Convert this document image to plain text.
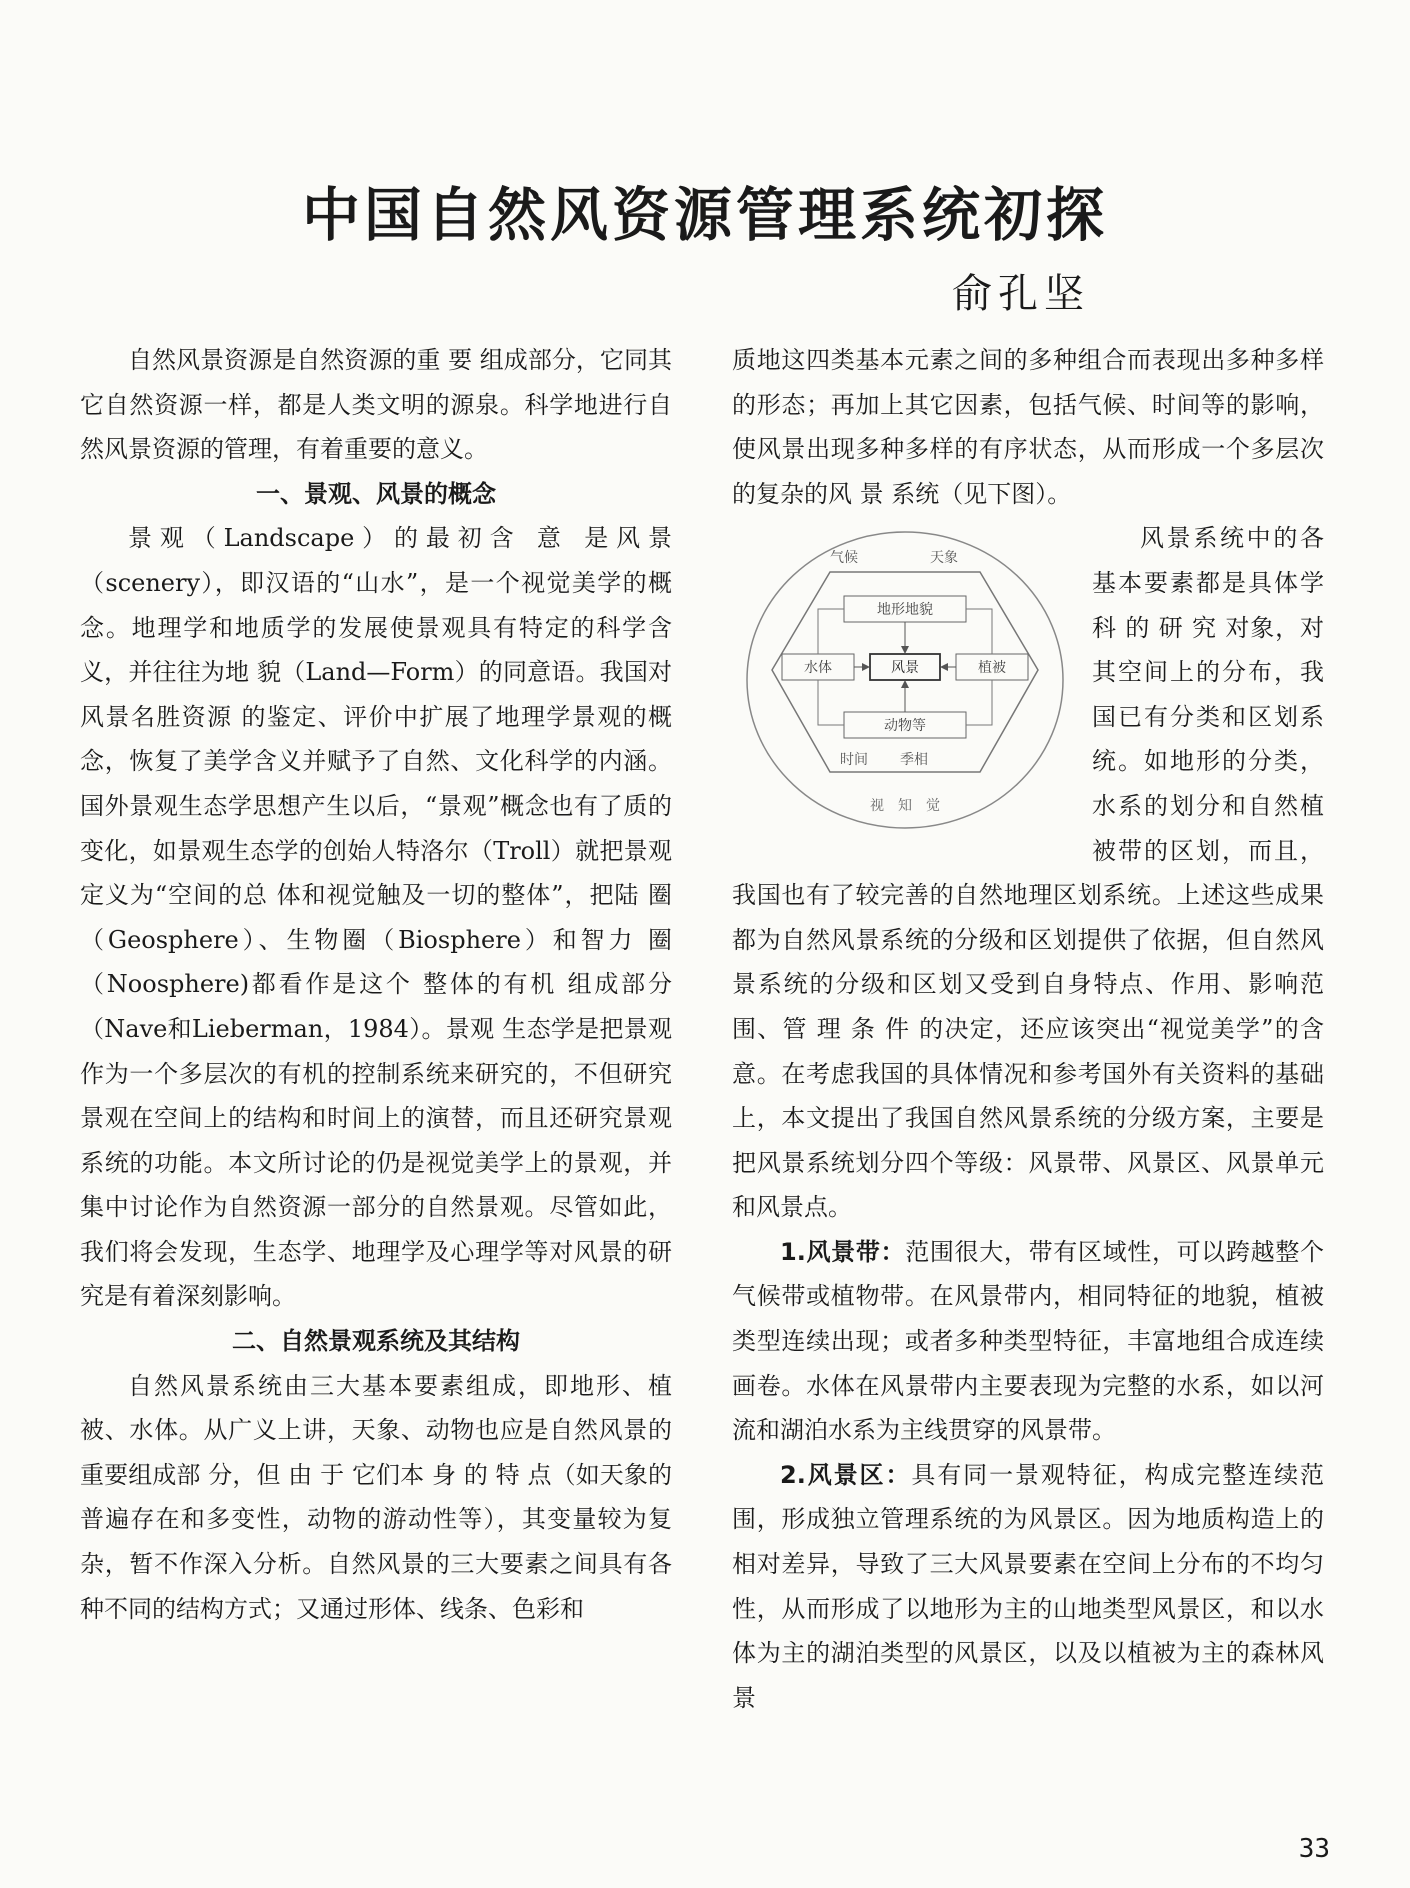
中国自然风资源管理系统初探
俞孔坚

自然风景资源是自然资源的重 要 组成部分，它同其它自然资源一样，都是人类文明的源泉。科学地进行自然风景资源的管理，有着重要的意义。

一、景观、风景的概念

景观（Landscape）的最初含 意 是风景（scenery），即汉语的“山水”，是一个视觉美学的概念。地理学和地质学的发展使景观具有特定的科学含义，并往往为地 貌（Land—Form）的同意语。我国对风景名胜资源 的鉴定、评价中扩展了地理学景观的概念，恢复了美学含义并赋予了自然、文化科学的内涵。国外景观生态学思想产生以后，“景观”概念也有了质的变化，如景观生态学的创始人特洛尔（Troll）就把景观定义为“空间的总 体和视觉触及一切的整体”，把陆 圈（Geosphere）、生物圈（Biosphere）和智力 圈（Noosphere)都看作是这个 整体的有机 组成部分（Nave和Lieberman，1984）。景观 生态学是把景观作为一个多层次的有机的控制系统来研究的，不但研究景观在空间上的结构和时间上的演替，而且还研究景观系统的功能。本文所讨论的仍是视觉美学上的景观，并集中讨论作为自然资源一部分的自然景观。尽管如此，我们将会发现，生态学、地理学及心理学等对风景的研究是有着深刻影响。

二、自然景观系统及其结构

自然风景系统由三大基本要素组成，即地形、植被、水体。从广义上讲，天象、动物也应是自然风景的重要组成部 分，但 由 于 它们本 身 的 特 点（如天象的普遍存在和多变性，动物的游动性等），其变量较为复杂，暂不作深入分析。自然风景的三大要素之间具有各种不同的结构方式；又通过形体、线条、色彩和

质地这四类基本元素之间的多种组合而表现出多种多样的形态；再加上其它因素，包括气候、时间等的影响，使风景出现多种多样的有序状态，从而形成一个多层次的复杂的风 景 系统（见下图）。

气候	天象
地形地貌
水体	风景	植被
动物等
时间 季相
视　知　觉

风景系统中的各基本要素都是具体学科 的 研 究 对象，对其空间上的分布，我国已有分类和区划系统。如地形的分类，水系的划分和自然植被带的区划，而且，我国也有了较完善的自然地理区划系统。上述这些成果都为自然风景系统的分级和区划提供了依据，但自然风景系统的分级和区划又受到自身特点、作用、影响范围、管 理 条 件 的决定，还应该突出“视觉美学”的含意。在考虑我国的具体情况和参考国外有关资料的基础上，本文提出了我国自然风景系统的分级方案，主要是把风景系统划分四个等级：风景带、风景区、风景单元和风景点。

1.风景带：范围很大，带有区域性，可以跨越整个气候带或植物带。在风景带内，相同特征的地貌，植被类型连续出现；或者多种类型特征，丰富地组合成连续画卷。水体在风景带内主要表现为完整的水系，如以河流和湖泊水系为主线贯穿的风景带。

2.风景区：具有同一景观特征，构成完整连续范围，形成独立管理系统的为风景区。因为地质构造上的相对差异，导致了三大风景要素在空间上分布的不均匀性，从而形成了以地形为主的山地类型风景区，和以水体为主的湖泊类型的风景区，以及以植被为主的森林风景

33
